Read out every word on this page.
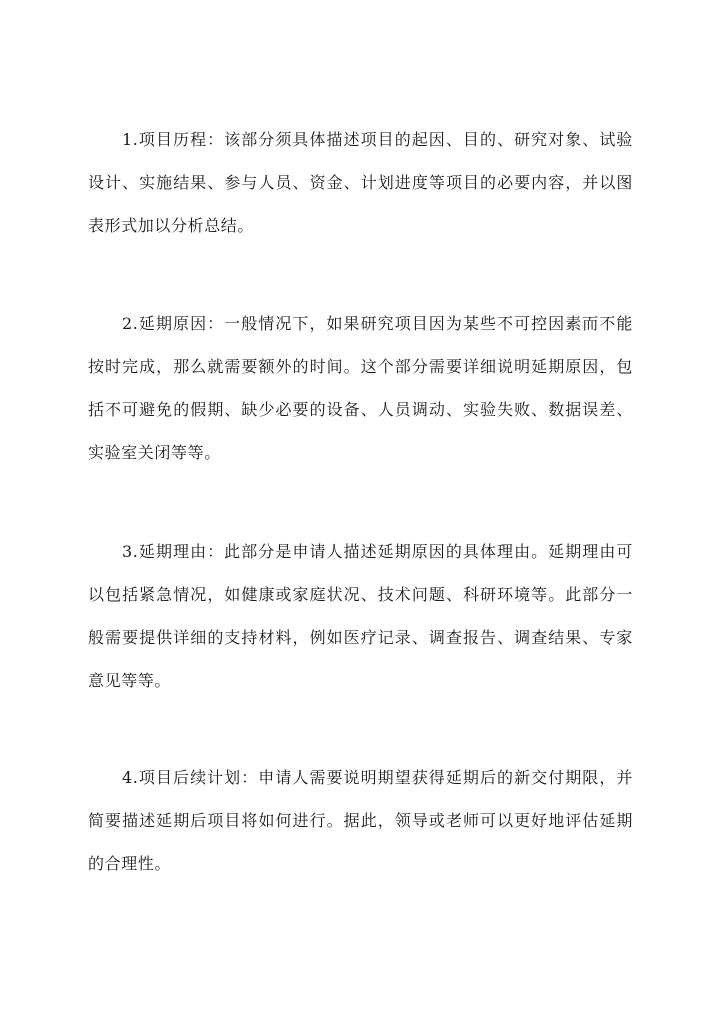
1.项目历程：该部分须具体描述项目的起因、目的、研究对象、试验设计、实施结果、参与人员、资金、计划进度等项目的必要内容，并以图表形式加以分析总结。

2.延期原因：一般情况下，如果研究项目因为某些不可控因素而不能按时完成，那么就需要额外的时间。这个部分需要详细说明延期原因，包括不可避免的假期、缺少必要的设备、人员调动、实验失败、数据误差、实验室关闭等等。

3.延期理由：此部分是申请人描述延期原因的具体理由。延期理由可以包括紧急情况，如健康或家庭状况、技术问题、科研环境等。此部分一般需要提供详细的支持材料，例如医疗记录、调查报告、调查结果、专家意见等等。

4.项目后续计划：申请人需要说明期望获得延期后的新交付期限，并简要描述延期后项目将如何进行。据此，领导或老师可以更好地评估延期的合理性。
